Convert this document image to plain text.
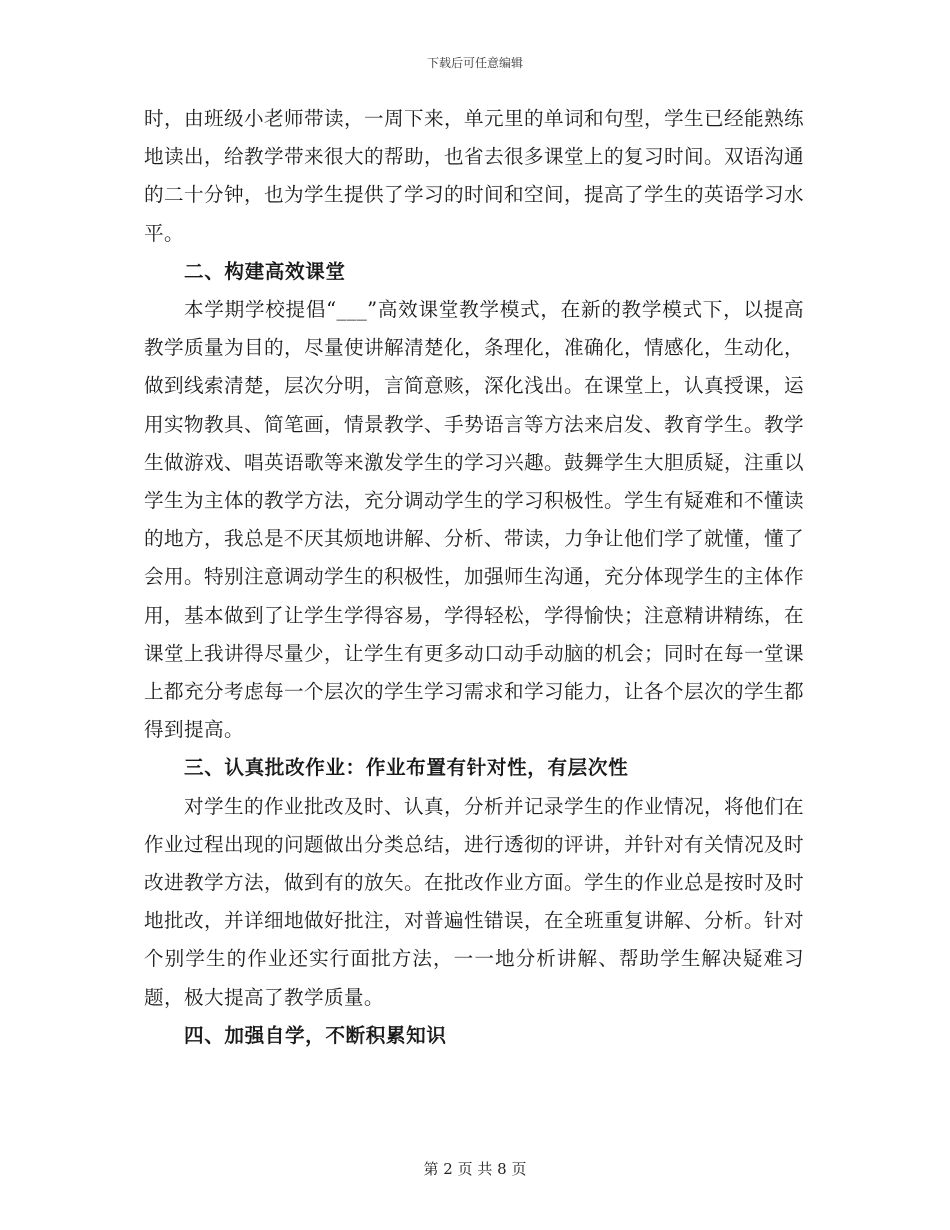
下载后可任意编辑

时，由班级小老师带读，一周下来，单元里的单词和句型，学生已经能熟练地读出，给教学带来很大的帮助，也省去很多课堂上的复习时间。双语沟通的二十分钟，也为学生提供了学习的时间和空间，提高了学生的英语学习水平。

二、构建高效课堂

本学期学校提倡“___”高效课堂教学模式，在新的教学模式下，以提高教学质量为目的，尽量使讲解清楚化，条理化，准确化，情感化，生动化，做到线索清楚，层次分明，言简意赅，深化浅出。在课堂上，认真授课，运用实物教具、简笔画，情景教学、手势语言等方法来启发、教育学生。教学生做游戏、唱英语歌等来激发学生的学习兴趣。鼓舞学生大胆质疑，注重以学生为主体的教学方法，充分调动学生的学习积极性。学生有疑难和不懂读的地方，我总是不厌其烦地讲解、分析、带读，力争让他们学了就懂，懂了会用。特别注意调动学生的积极性，加强师生沟通，充分体现学生的主体作用，基本做到了让学生学得容易，学得轻松，学得愉快；注意精讲精练，在课堂上我讲得尽量少，让学生有更多动口动手动脑的机会；同时在每一堂课上都充分考虑每一个层次的学生学习需求和学习能力，让各个层次的学生都得到提高。

三、认真批改作业：作业布置有针对性，有层次性

对学生的作业批改及时、认真，分析并记录学生的作业情况，将他们在作业过程出现的问题做出分类总结，进行透彻的评讲，并针对有关情况及时改进教学方法，做到有的放矢。在批改作业方面。学生的作业总是按时及时地批改，并详细地做好批注，对普遍性错误，在全班重复讲解、分析。针对个别学生的作业还实行面批方法，一一地分析讲解、帮助学生解决疑难习题，极大提高了教学质量。

四、加强自学，不断积累知识

第 2 页 共 8 页
